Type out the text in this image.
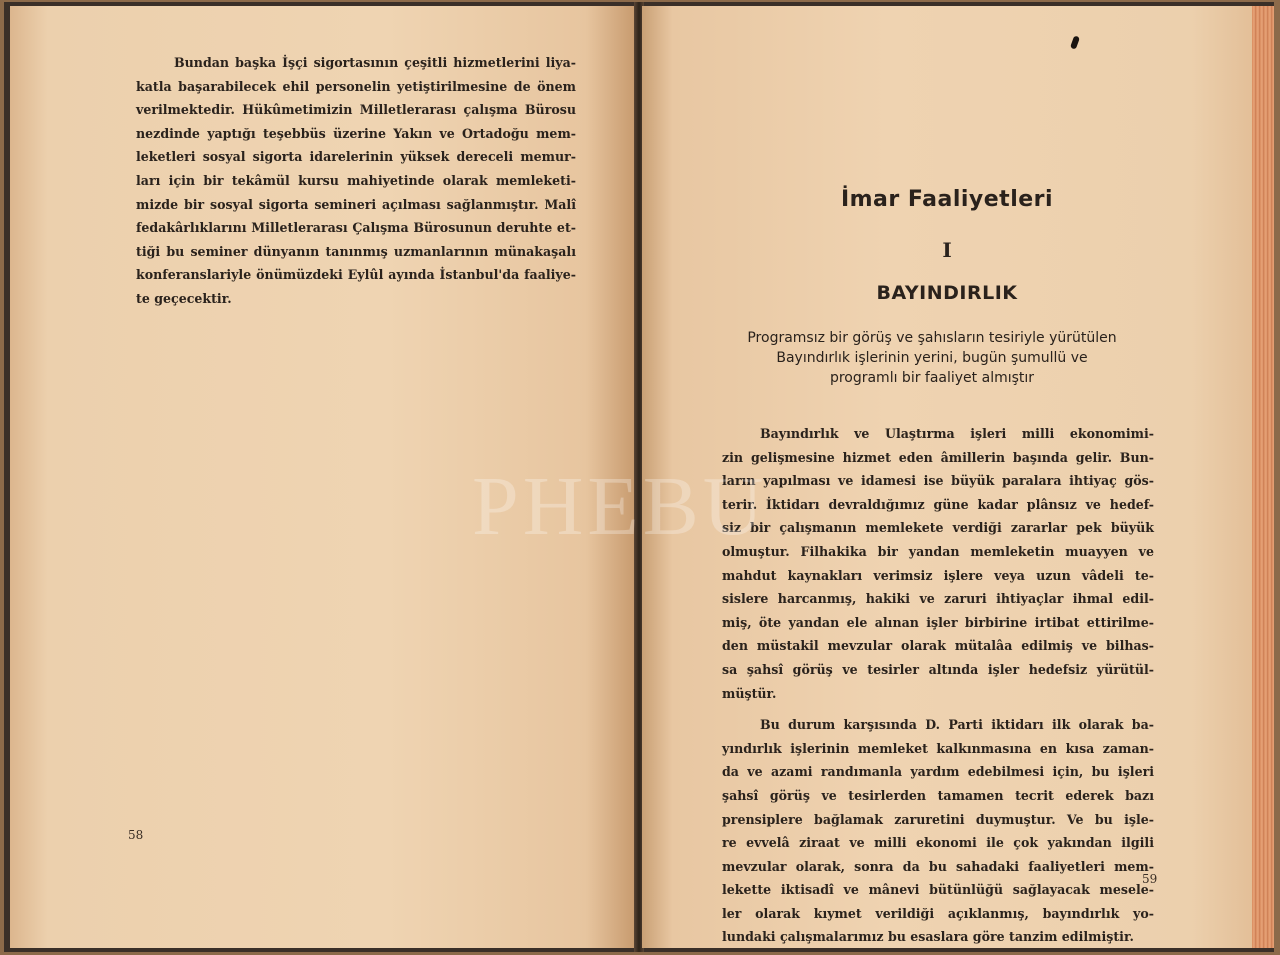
Bundan başka İşçi sigortasının çeşitli hizmetlerini liya-
katla başarabilecek ehil personelin yetiştirilmesine de önem
verilmektedir. Hükûmetimizin Milletlerarası çalışma Bürosu
nezdinde yaptığı teşebbüs üzerine Yakın ve Ortadoğu mem-
leketleri sosyal sigorta idarelerinin yüksek dereceli memur-
ları için bir tekâmül kursu mahiyetinde olarak memleketi-
mizde bir sosyal sigorta semineri açılması sağlanmıştır. Malî
fedakârlıklarını Milletlerarası Çalışma Bürosunun deruhte et-
tiği bu seminer dünyanın tanınmış uzmanlarının münakaşalı
konferanslariyle önümüzdeki Eylûl ayında İstanbul'da faaliye-
te geçecektir.
58
İmar Faaliyetleri
I
BAYINDIRLIK
Programsız bir görüş ve şahısların tesiriyle yürütülen
Bayındırlık işlerinin yerini, bugün şumullü ve
programlı bir faaliyet almıştır
Bayındırlık ve Ulaştırma işleri milli ekonomimi-
zin gelişmesine hizmet eden âmillerin başında gelir. Bun-
ların yapılması ve idamesi ise büyük paralara ihtiyaç gös-
terir. İktidarı devraldığımız güne kadar plânsız ve hedef-
siz bir çalışmanın memlekete verdiği zararlar pek büyük
olmuştur. Filhakika bir yandan memleketin muayyen ve
mahdut kaynakları verimsiz işlere veya uzun vâdeli te-
sislere harcanmış, hakiki ve zaruri ihtiyaçlar ihmal edil-
miş, öte yandan ele alınan işler birbirine irtibat ettirilme-
den müstakil mevzular olarak mütalâa edilmiş ve bilhas-
sa şahsî görüş ve tesirler altında işler hedefsiz yürütül-
müştür.
Bu durum karşısında D. Parti iktidarı ilk olarak ba-
yındırlık işlerinin memleket kalkınmasına en kısa zaman-
da ve azami randımanla yardım edebilmesi için, bu işleri
şahsî görüş ve tesirlerden tamamen tecrit ederek bazı
prensiplere bağlamak zaruretini duymuştur. Ve bu işle-
re evvelâ ziraat ve milli ekonomi ile çok yakından ilgili
mevzular olarak, sonra da bu sahadaki faaliyetleri mem-
lekette iktisadî ve mânevi bütünlüğü sağlayacak mesele-
ler olarak kıymet verildiği açıklanmış, bayındırlık yo-
lundaki çalışmalarımız bu esaslara göre tanzim edilmiştir.
59
PHEBU
